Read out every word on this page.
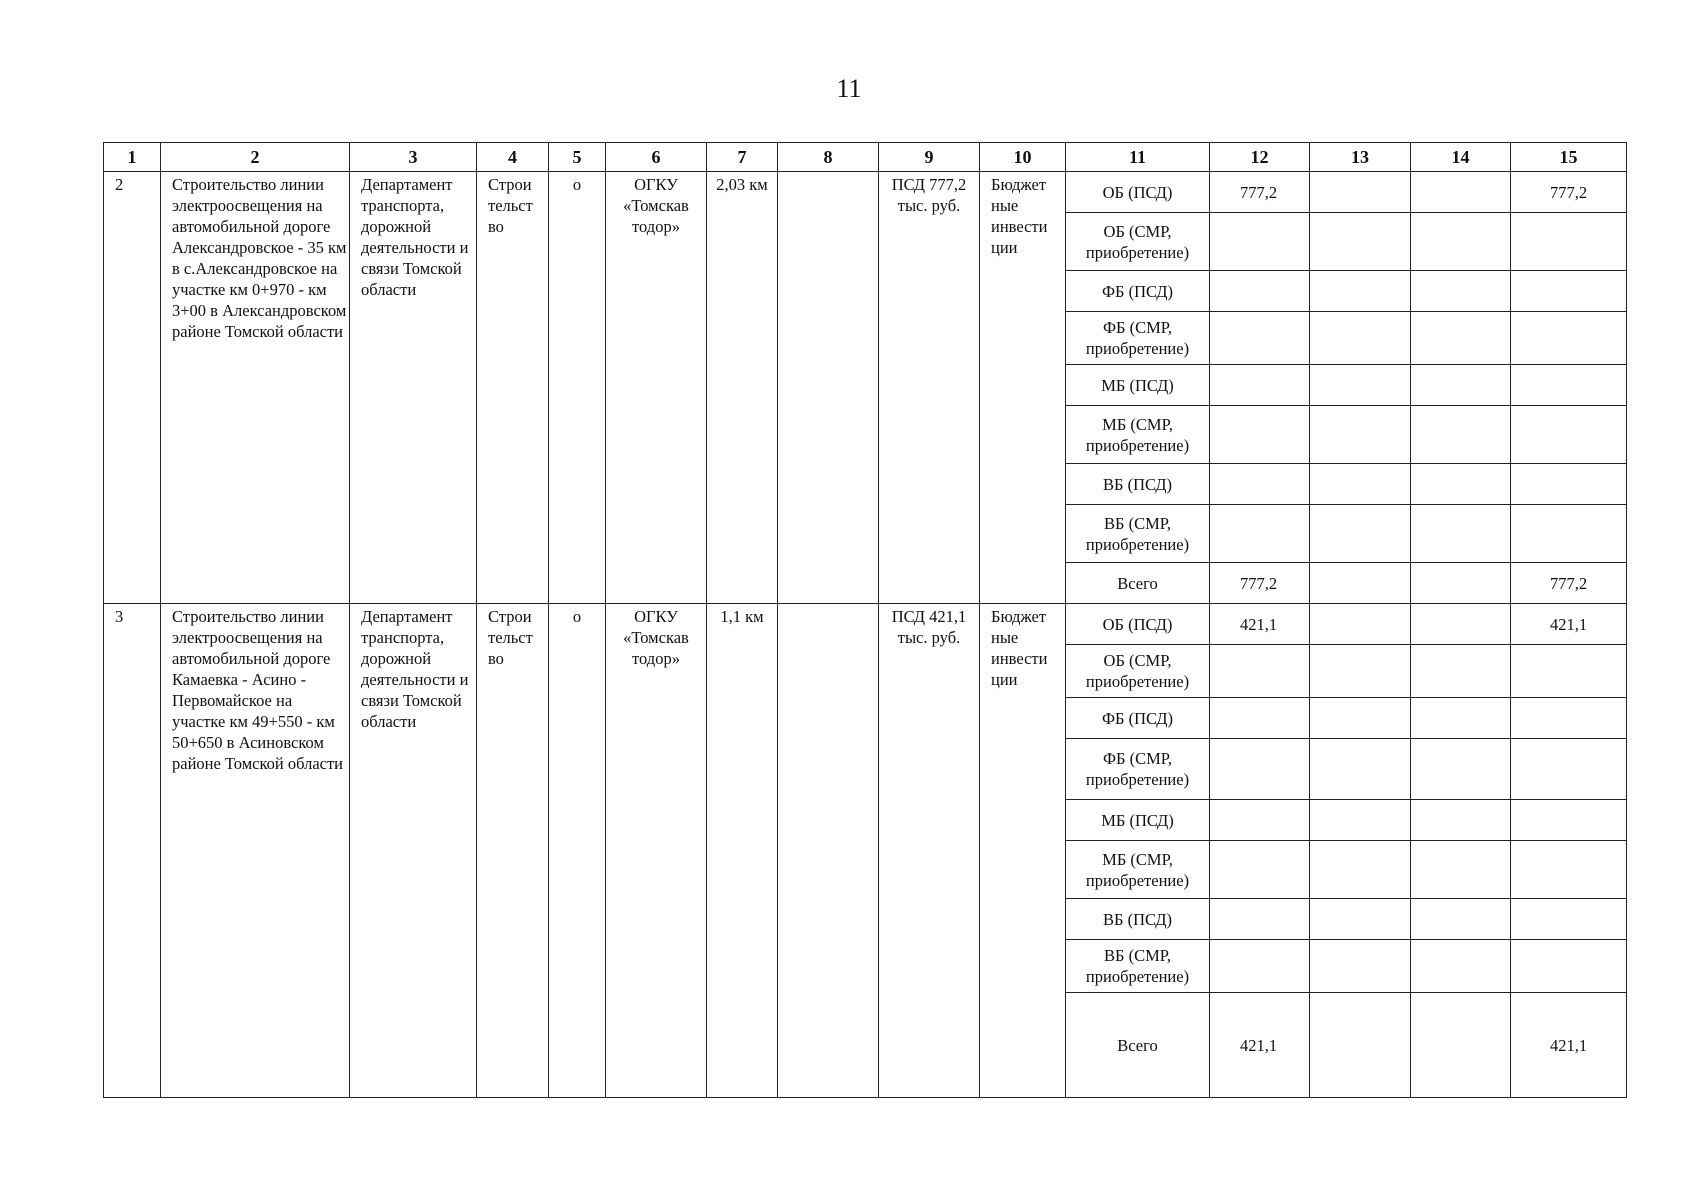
11
1	2	3	4	5	6	7	8	9	10	11	12	13	14	15
2	Строительство линии электроосвещения на автомобильной дороге Александровское - 35 км в с.Александровское на участке км 0+970 - км 3+00 в Александровском районе Томской области	Департамент транспорта, дорожной деятельности и связи Томской области	Строи тельст во	о	ОГКУ «Томскав тодор»	2,03 км		ПСД 777,2 тыс. руб.	Бюджет ные инвести ции	ОБ (ПСД)	777,2			777,2
										ОБ (СМР, приобретение)				
										ФБ (ПСД)				
										ФБ (СМР, приобретение)				
										МБ (ПСД)				
										МБ (СМР, приобретение)				
										ВБ (ПСД)				
										ВБ (СМР, приобретение)				
										Всего	777,2			777,2
3	Строительство линии электроосвещения на автомобильной дороге Камаевка - Асино - Первомайское на участке км 49+550 - км 50+650 в Асиновском районе Томской области	Департамент транспорта, дорожной деятельности и связи Томской области	Строи тельст во	о	ОГКУ «Томскав тодор»	1,1 км		ПСД 421,1 тыс. руб.	Бюджет ные инвести ции	ОБ (ПСД)	421,1			421,1
										ОБ (СМР, приобретение)				
										ФБ (ПСД)				
										ФБ (СМР, приобретение)				
										МБ (ПСД)				
										МБ (СМР, приобретение)				
										ВБ (ПСД)				
										ВБ (СМР, приобретение)				
										Всего	421,1			421,1
